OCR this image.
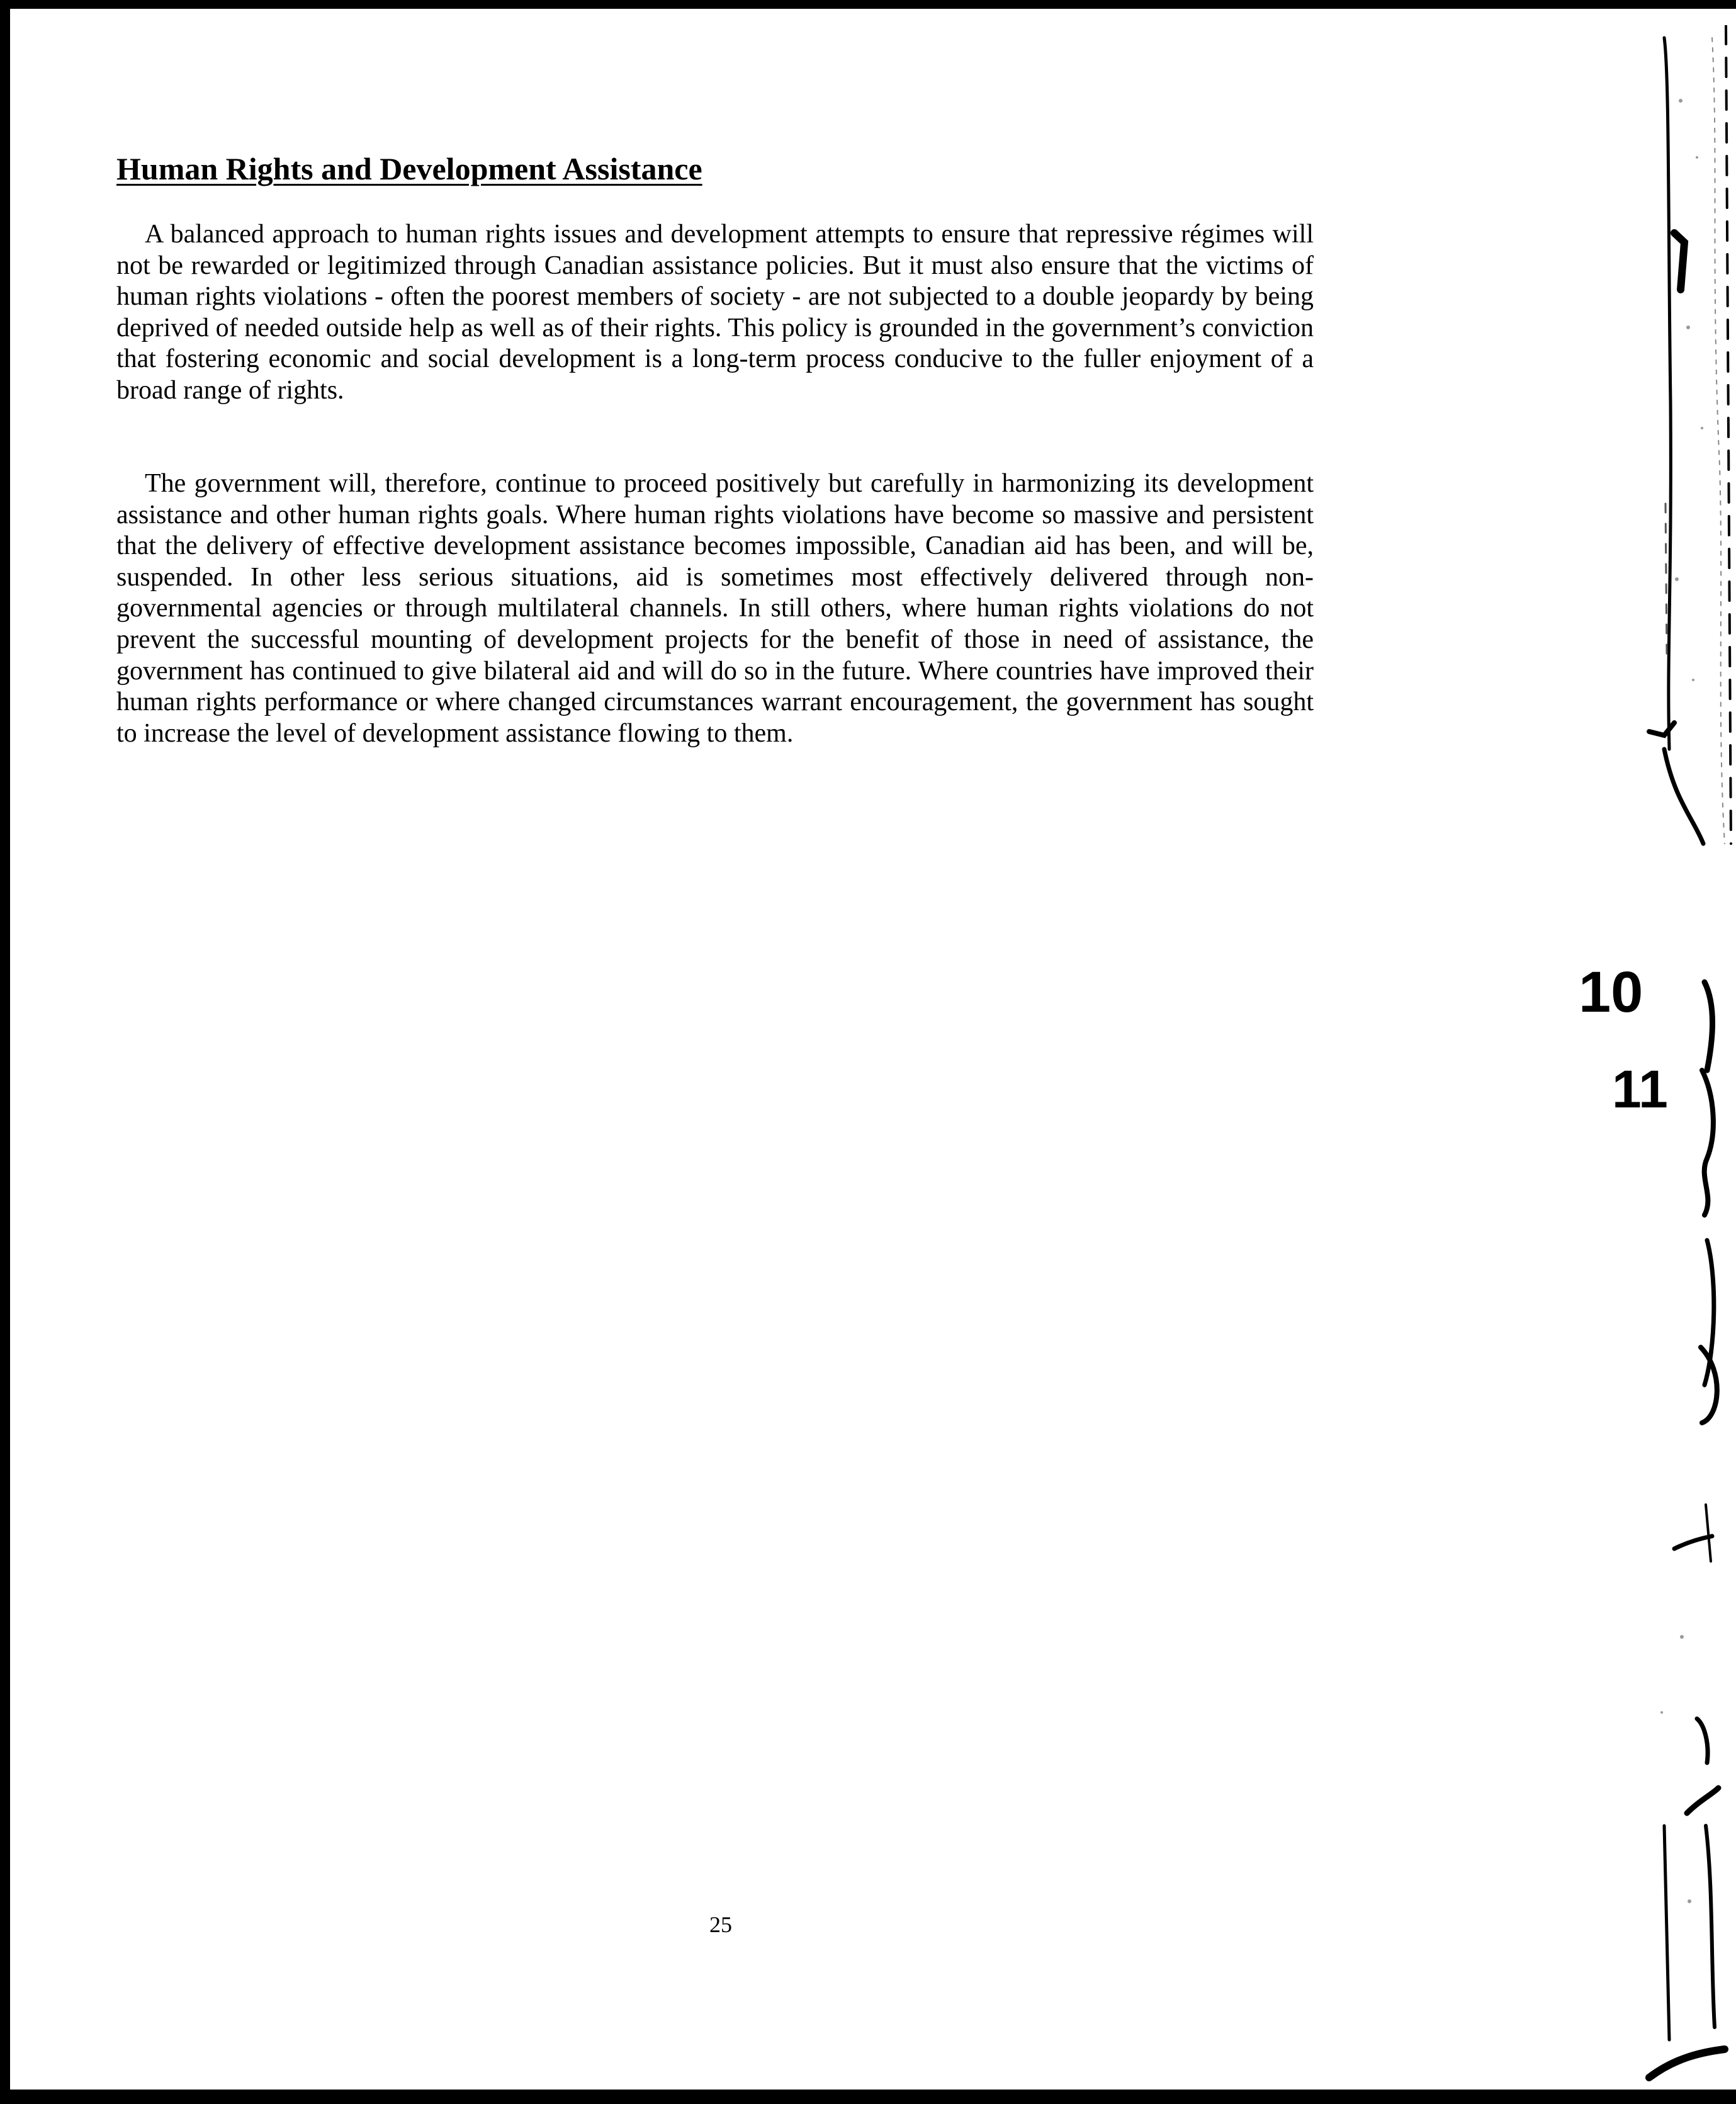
Human Rights and Development Assistance

A balanced approach to human rights issues and development attempts to ensure that repressive régimes will not be rewarded or legitimized through Canadian assistance policies. But it must also ensure that the victims of human rights violations - often the poorest members of society - are not subjected to a double jeopardy by being deprived of needed outside help as well as of their rights. This policy is grounded in the government’s conviction that fostering economic and social development is a long-term process conducive to the fuller enjoyment of a broad range of rights.

The government will, therefore, continue to proceed positively but carefully in harmonizing its development assistance and other human rights goals. Where human rights violations have become so massive and persistent that the delivery of effective development assistance becomes impossible, Canadian aid has been, and will be, suspended. In other less serious situations, aid is sometimes most effectively delivered through non-governmental agencies or through multilateral channels. In still others, where human rights violations do not prevent the successful mounting of development projects for the benefit of those in need of assistance, the government has continued to give bilateral aid and will do so in the future. Where countries have improved their human rights performance or where changed circumstances warrant encouragement, the government has sought to increase the level of development assistance flowing to them.

25
10
11
